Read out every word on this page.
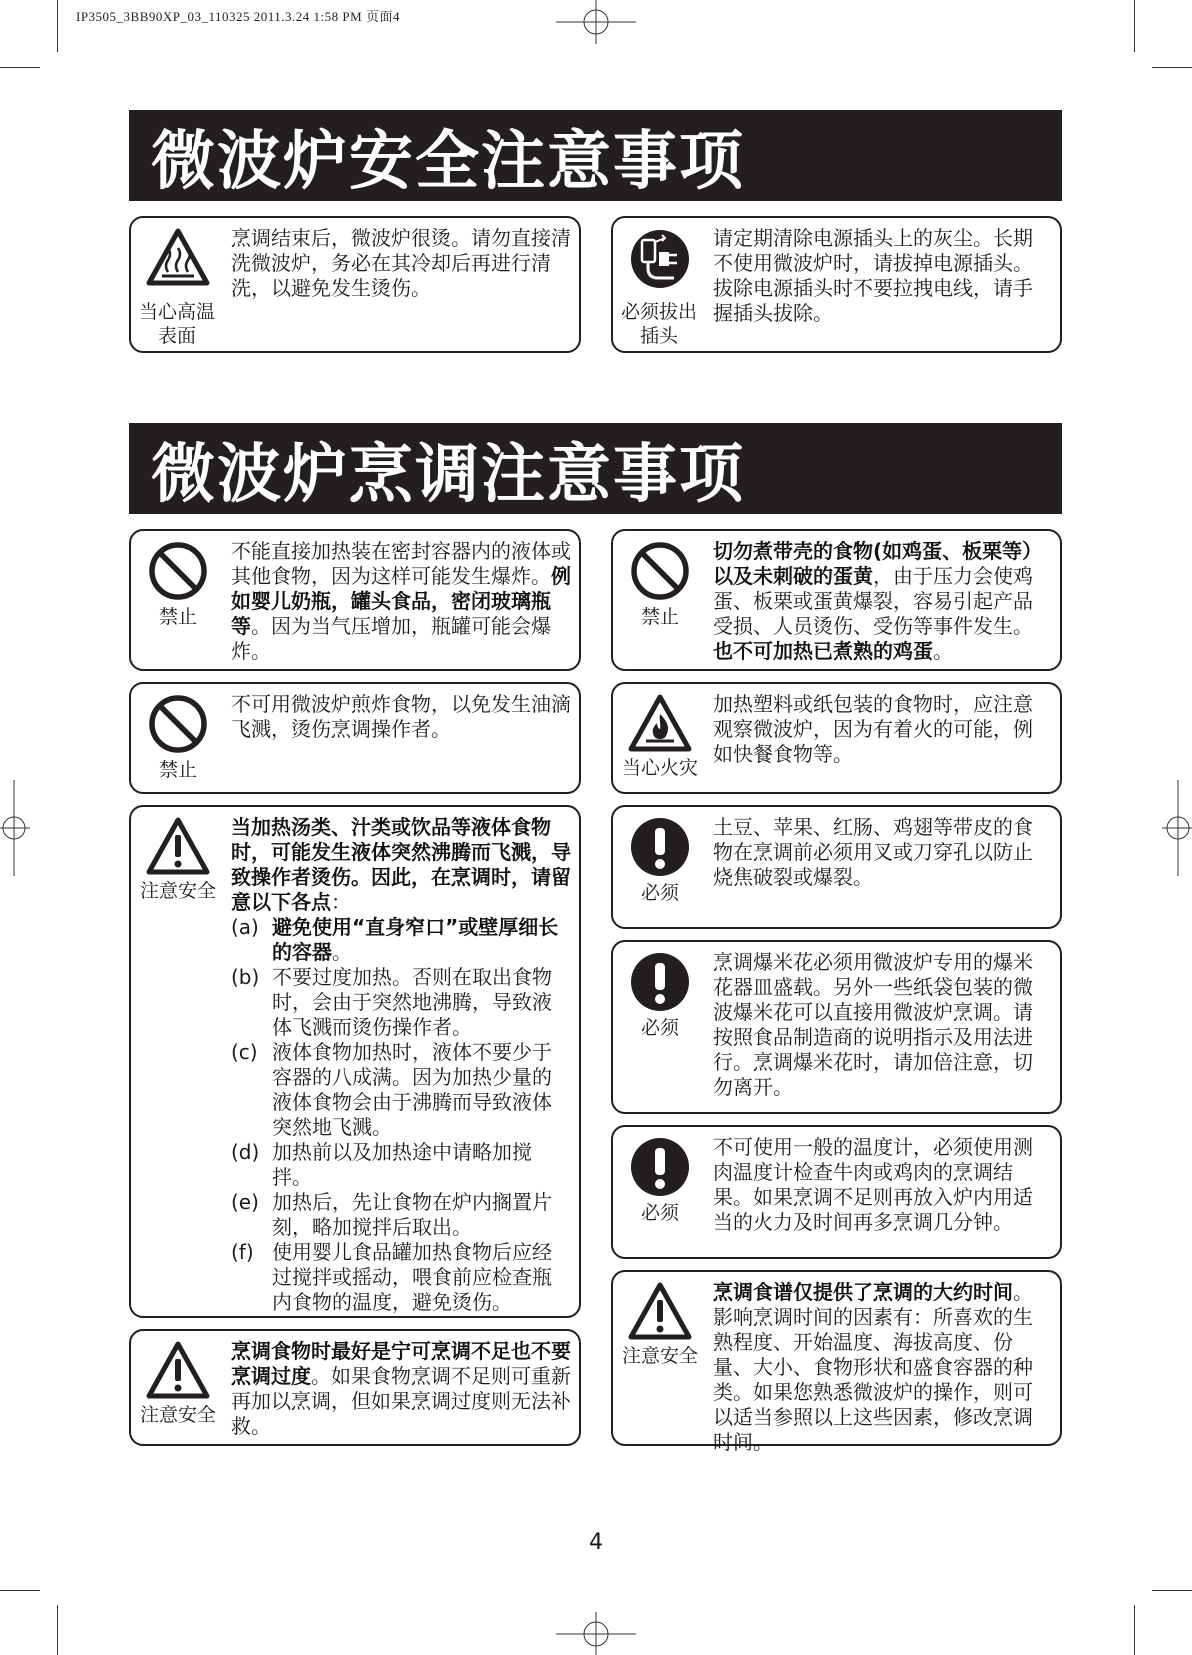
IP3505_3BB90XP_03_110325 2011.3.24 1:58 PM 页面4
微波炉安全注意事项
当心高温
表面
烹调结束后，微波炉很烫。请勿直接清洗微波炉，务必在其冷却后再进行清洗，以避免发生烫伤。
必须拔出
插头
请定期清除电源插头上的灰尘。长期不使用微波炉时，请拔掉电源插头。拔除电源插头时不要拉拽电线，请手握插头拔除。
微波炉烹调注意事项
禁止
不能直接加热装在密封容器内的液体或其他食物，因为这样可能发生爆炸。例如婴儿奶瓶，罐头食品，密闭玻璃瓶等。因为当气压增加，瓶罐可能会爆炸。
禁止
不可用微波炉煎炸食物，以免发生油滴飞溅，烫伤烹调操作者。
注意安全
当加热汤类、汁类或饮品等液体食物时，可能发生液体突然沸腾而飞溅，导致操作者烫伤。因此，在烹调时，请留意以下各点：
(a) 避免使用“直身窄口”或壁厚细长的容器。
(b) 不要过度加热。否则在取出食物时，会由于突然地沸腾，导致液体飞溅而烫伤操作者。
(c) 液体食物加热时，液体不要少于容器的八成满。因为加热少量的液体食物会由于沸腾而导致液体突然地飞溅。
(d) 加热前以及加热途中请略加搅拌。
(e) 加热后，先让食物在炉内搁置片刻，略加搅拌后取出。
(f) 使用婴儿食品罐加热食物后应经过搅拌或摇动，喂食前应检查瓶内食物的温度，避免烫伤。
注意安全
烹调食物时最好是宁可烹调不足也不要烹调过度。如果食物烹调不足则可重新再加以烹调，但如果烹调过度则无法补救。
禁止
切勿煮带壳的食物(如鸡蛋、板栗等）以及未刺破的蛋黄，由于压力会使鸡蛋、板栗或蛋黄爆裂，容易引起产品受损、人员烫伤、受伤等事件发生。也不可加热已煮熟的鸡蛋。
当心火灾
加热塑料或纸包装的食物时，应注意观察微波炉，因为有着火的可能，例如快餐食物等。
必须
土豆、苹果、红肠、鸡翅等带皮的食物在烹调前必须用叉或刀穿孔以防止烧焦破裂或爆裂。
必须
烹调爆米花必须用微波炉专用的爆米花器皿盛载。另外一些纸袋包装的微波爆米花可以直接用微波炉烹调。请按照食品制造商的说明指示及用法进行。烹调爆米花时，请加倍注意，切勿离开。
必须
不可使用一般的温度计，必须使用测肉温度计检查牛肉或鸡肉的烹调结果。如果烹调不足则再放入炉内用适当的火力及时间再多烹调几分钟。
注意安全
烹调食谱仅提供了烹调的大约时间。影响烹调时间的因素有：所喜欢的生熟程度、开始温度、海拔高度、份量、大小、食物形状和盛食容器的种类。如果您熟悉微波炉的操作，则可以适当参照以上这些因素，修改烹调时间。
4
